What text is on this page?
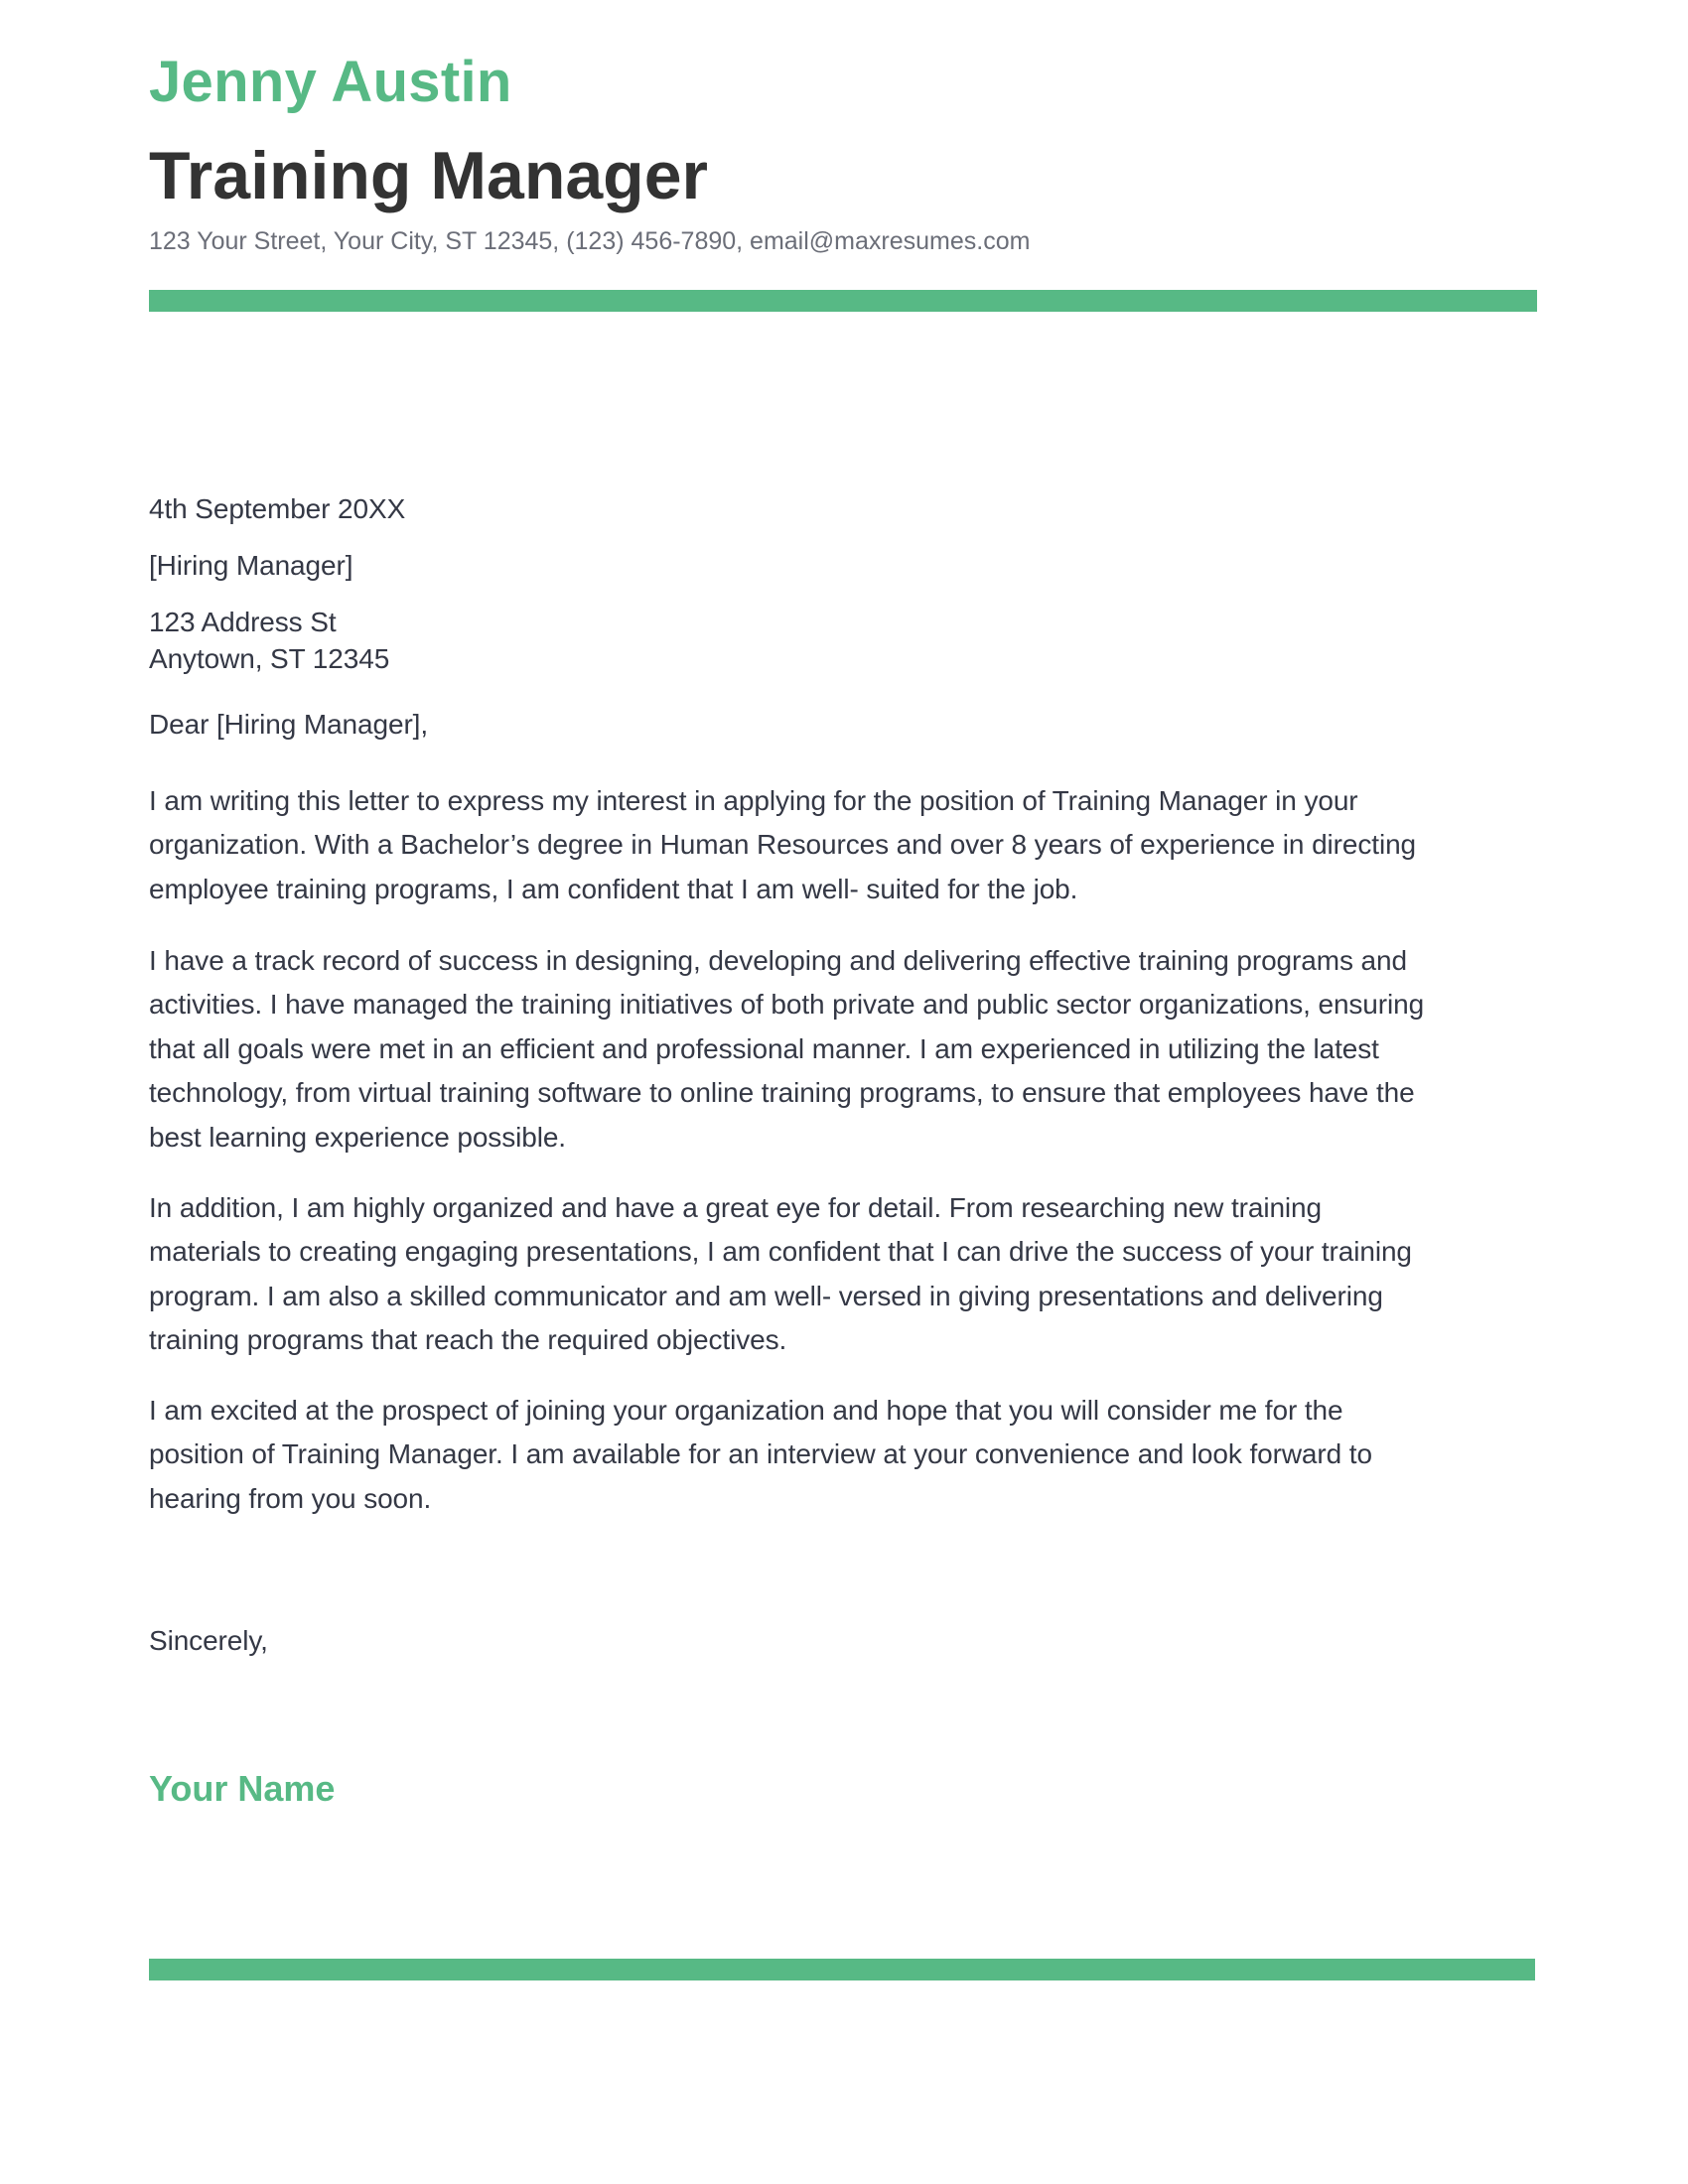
Jenny Austin
Training Manager
123 Your Street, Your City, ST 12345, (123) 456-7890, email@maxresumes.com
4th September 20XX
[Hiring Manager]
123 Address St
Anytown, ST 12345
Dear [Hiring Manager],
I am writing this letter to express my interest in applying for the position of Training Manager in your
organization. With a Bachelor’s degree in Human Resources and over 8 years of experience in directing
employee training programs, I am confident that I am well- suited for the job.
I have a track record of success in designing, developing and delivering effective training programs and
activities. I have managed the training initiatives of both private and public sector organizations, ensuring
that all goals were met in an efficient and professional manner. I am experienced in utilizing the latest
technology, from virtual training software to online training programs, to ensure that employees have the
best learning experience possible.
In addition, I am highly organized and have a great eye for detail. From researching new training
materials to creating engaging presentations, I am confident that I can drive the success of your training
program. I am also a skilled communicator and am well- versed in giving presentations and delivering
training programs that reach the required objectives.
I am excited at the prospect of joining your organization and hope that you will consider me for the
position of Training Manager. I am available for an interview at your convenience and look forward to
hearing from you soon.
Sincerely,
Your Name
